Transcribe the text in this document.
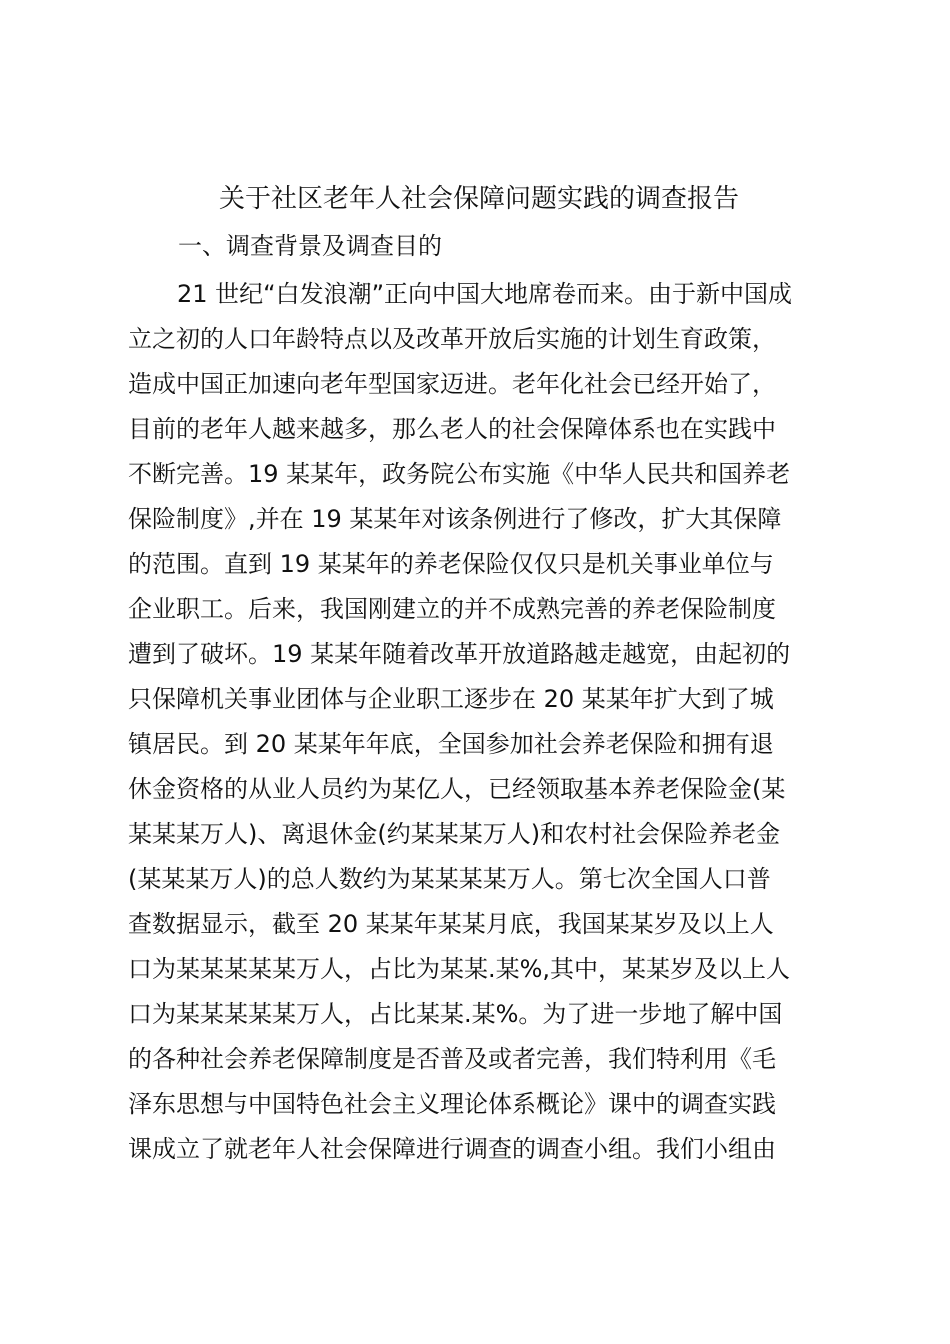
关于社区老年人社会保障问题实践的调查报告
一、调查背景及调查目的
21 世纪“白发浪潮”正向中国大地席卷而来。由于新中国成
立之初的人口年龄特点以及改革开放后实施的计划生育政策，
造成中国正加速向老年型国家迈进。老年化社会已经开始了，
目前的老年人越来越多，那么老人的社会保障体系也在实践中
不断完善。19 某某年，政务院公布实施《中华人民共和国养老
保险制度》,并在 19 某某年对该条例进行了修改，扩大其保障
的范围。直到 19 某某年的养老保险仅仅只是机关事业单位与
企业职工。后来，我国刚建立的并不成熟完善的养老保险制度
遭到了破坏。19 某某年随着改革开放道路越走越宽，由起初的
只保障机关事业团体与企业职工逐步在 20 某某年扩大到了城
镇居民。到 20 某某年年底，全国参加社会养老保险和拥有退
休金资格的从业人员约为某亿人，已经领取基本养老保险金(某
某某某万人)、离退休金(约某某某万人)和农村社会保险养老金
(某某某万人)的总人数约为某某某某万人。第七次全国人口普
查数据显示，截至 20 某某年某某月底，我国某某岁及以上人
口为某某某某某万人，占比为某某.某%,其中，某某岁及以上人
口为某某某某某万人，占比某某.某%。为了进一步地了解中国
的各种社会养老保障制度是否普及或者完善，我们特利用《毛
泽东思想与中国特色社会主义理论体系概论》课中的调查实践
课成立了就老年人社会保障进行调查的调查小组。我们小组由
